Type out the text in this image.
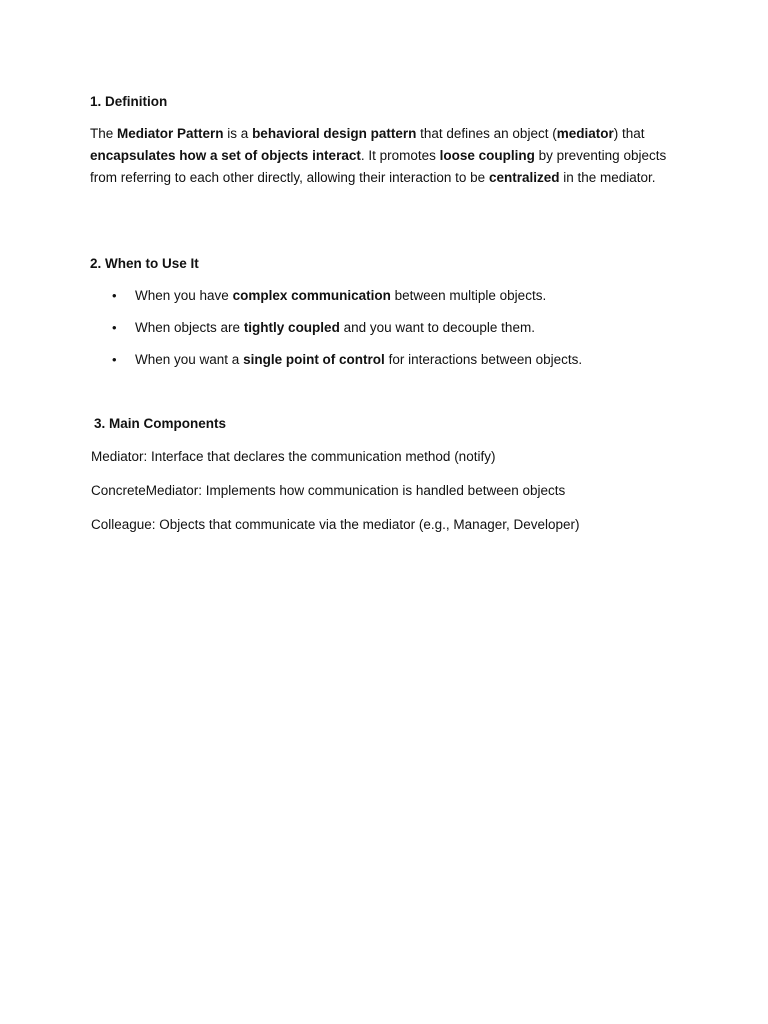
1. Definition

The Mediator Pattern is a behavioral design pattern that defines an object (mediator) that encapsulates how a set of objects interact. It promotes loose coupling by preventing objects from referring to each other directly, allowing their interaction to be centralized in the mediator.

2. When to Use It
•	When you have complex communication between multiple objects.
•	When objects are tightly coupled and you want to decouple them.
•	When you want a single point of control for interactions between objects.
3. Main Components
Mediator: Interface that declares the communication method (notify)
ConcreteMediator: Implements how communication is handled between objects
Colleague: Objects that communicate via the mediator (e.g., Manager, Developer)
